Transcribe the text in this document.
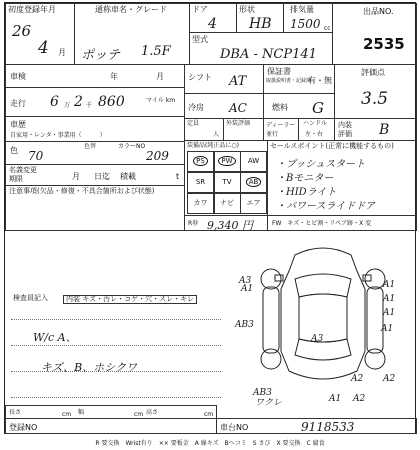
初度登録年月
26
4 月
通称車名・グレード
ポッテ 1.5F
ドア
4
形状
HB
排気量
1500 cc
型式
DBA - NCP141
出品NO.
2535
車検	年	月
走行 6 万 2 千 860	マイル km
車歴
自家用・レンタ・事業用（　　　）
色	色替	カラーNO
70	209
名義変更
期限	月 日迄 積載	t
注意事項(欠品・修復・不具合箇所および状態)
シフト AT
保証書
取扱説明書・記録簿
有・無
冷房 AC	燃料 G
定員
人
外装評価	ディーラー
並行
ハンドル
左・右
評価点
3.5
内装
評価 B
装備品(純正品に○)
PS	PW	AW
SR	TV	AB
カワ	ナビ	エア
セールスポイント(正常に機能するもの)
・プッシュスタート
・Bモニター
・HIDライト
・パワースライドドア
R券 9,340 円	FW　キズ・ヒビ割・リペア跡・X 変
検査員記入	内装 キズ・汚レ・コゲ・穴・スレ・キレ
W/c A、
キズ、B、ホシクワ
A1	A1
A1
A1
A2
A2
AB3
A3
A3
A1
A1 A2
AB3
ワクレ
長さ	cm 幅	cm 高さ	cm
登録NO	車台NO	9118533
R 要交換　Wrist有り　×× 要板金　A 線キズ　Bヘコミ　S さび　X 要交換　C 腐食
